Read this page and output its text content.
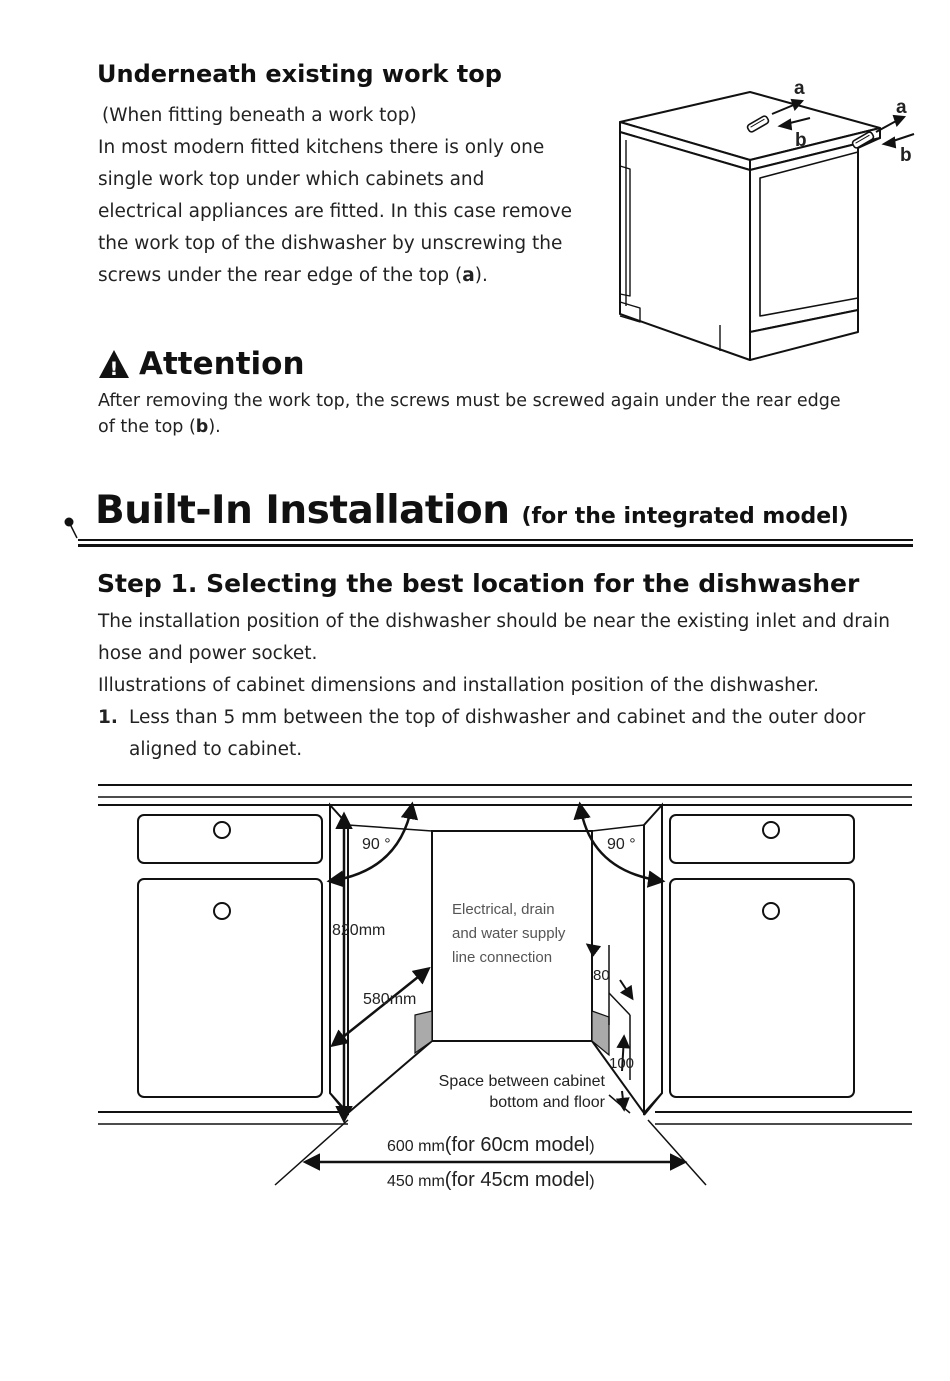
Underneath existing work top
(When fitting beneath a work top)
In most modern fitted kitchens there is only one
single work top under which cabinets and
electrical appliances are fitted. In this case remove
the work top of the dishwasher by unscrewing the
screws under the rear edge of the top (a).
a
b
a
b
! Attention
After removing the work top, the screws must be screwed again under the rear edge
of the top (b).
Built-In Installation (for the integrated model)
Step 1. Selecting the best location for the dishwasher
The installation position of the dishwasher should be near the existing inlet and drain
hose and power socket.
Illustrations of cabinet dimensions and installation position of the dishwasher.
1. Less than 5 mm between the top of dishwasher and cabinet and the outer door
aligned to cabinet.
90 °	90 °
820mm
580mm
Electrical, drain
and water supply
line connection
80
100
Space between cabinet
bottom and floor
600 mm(for 60cm model)
450 mm(for 45cm model)
